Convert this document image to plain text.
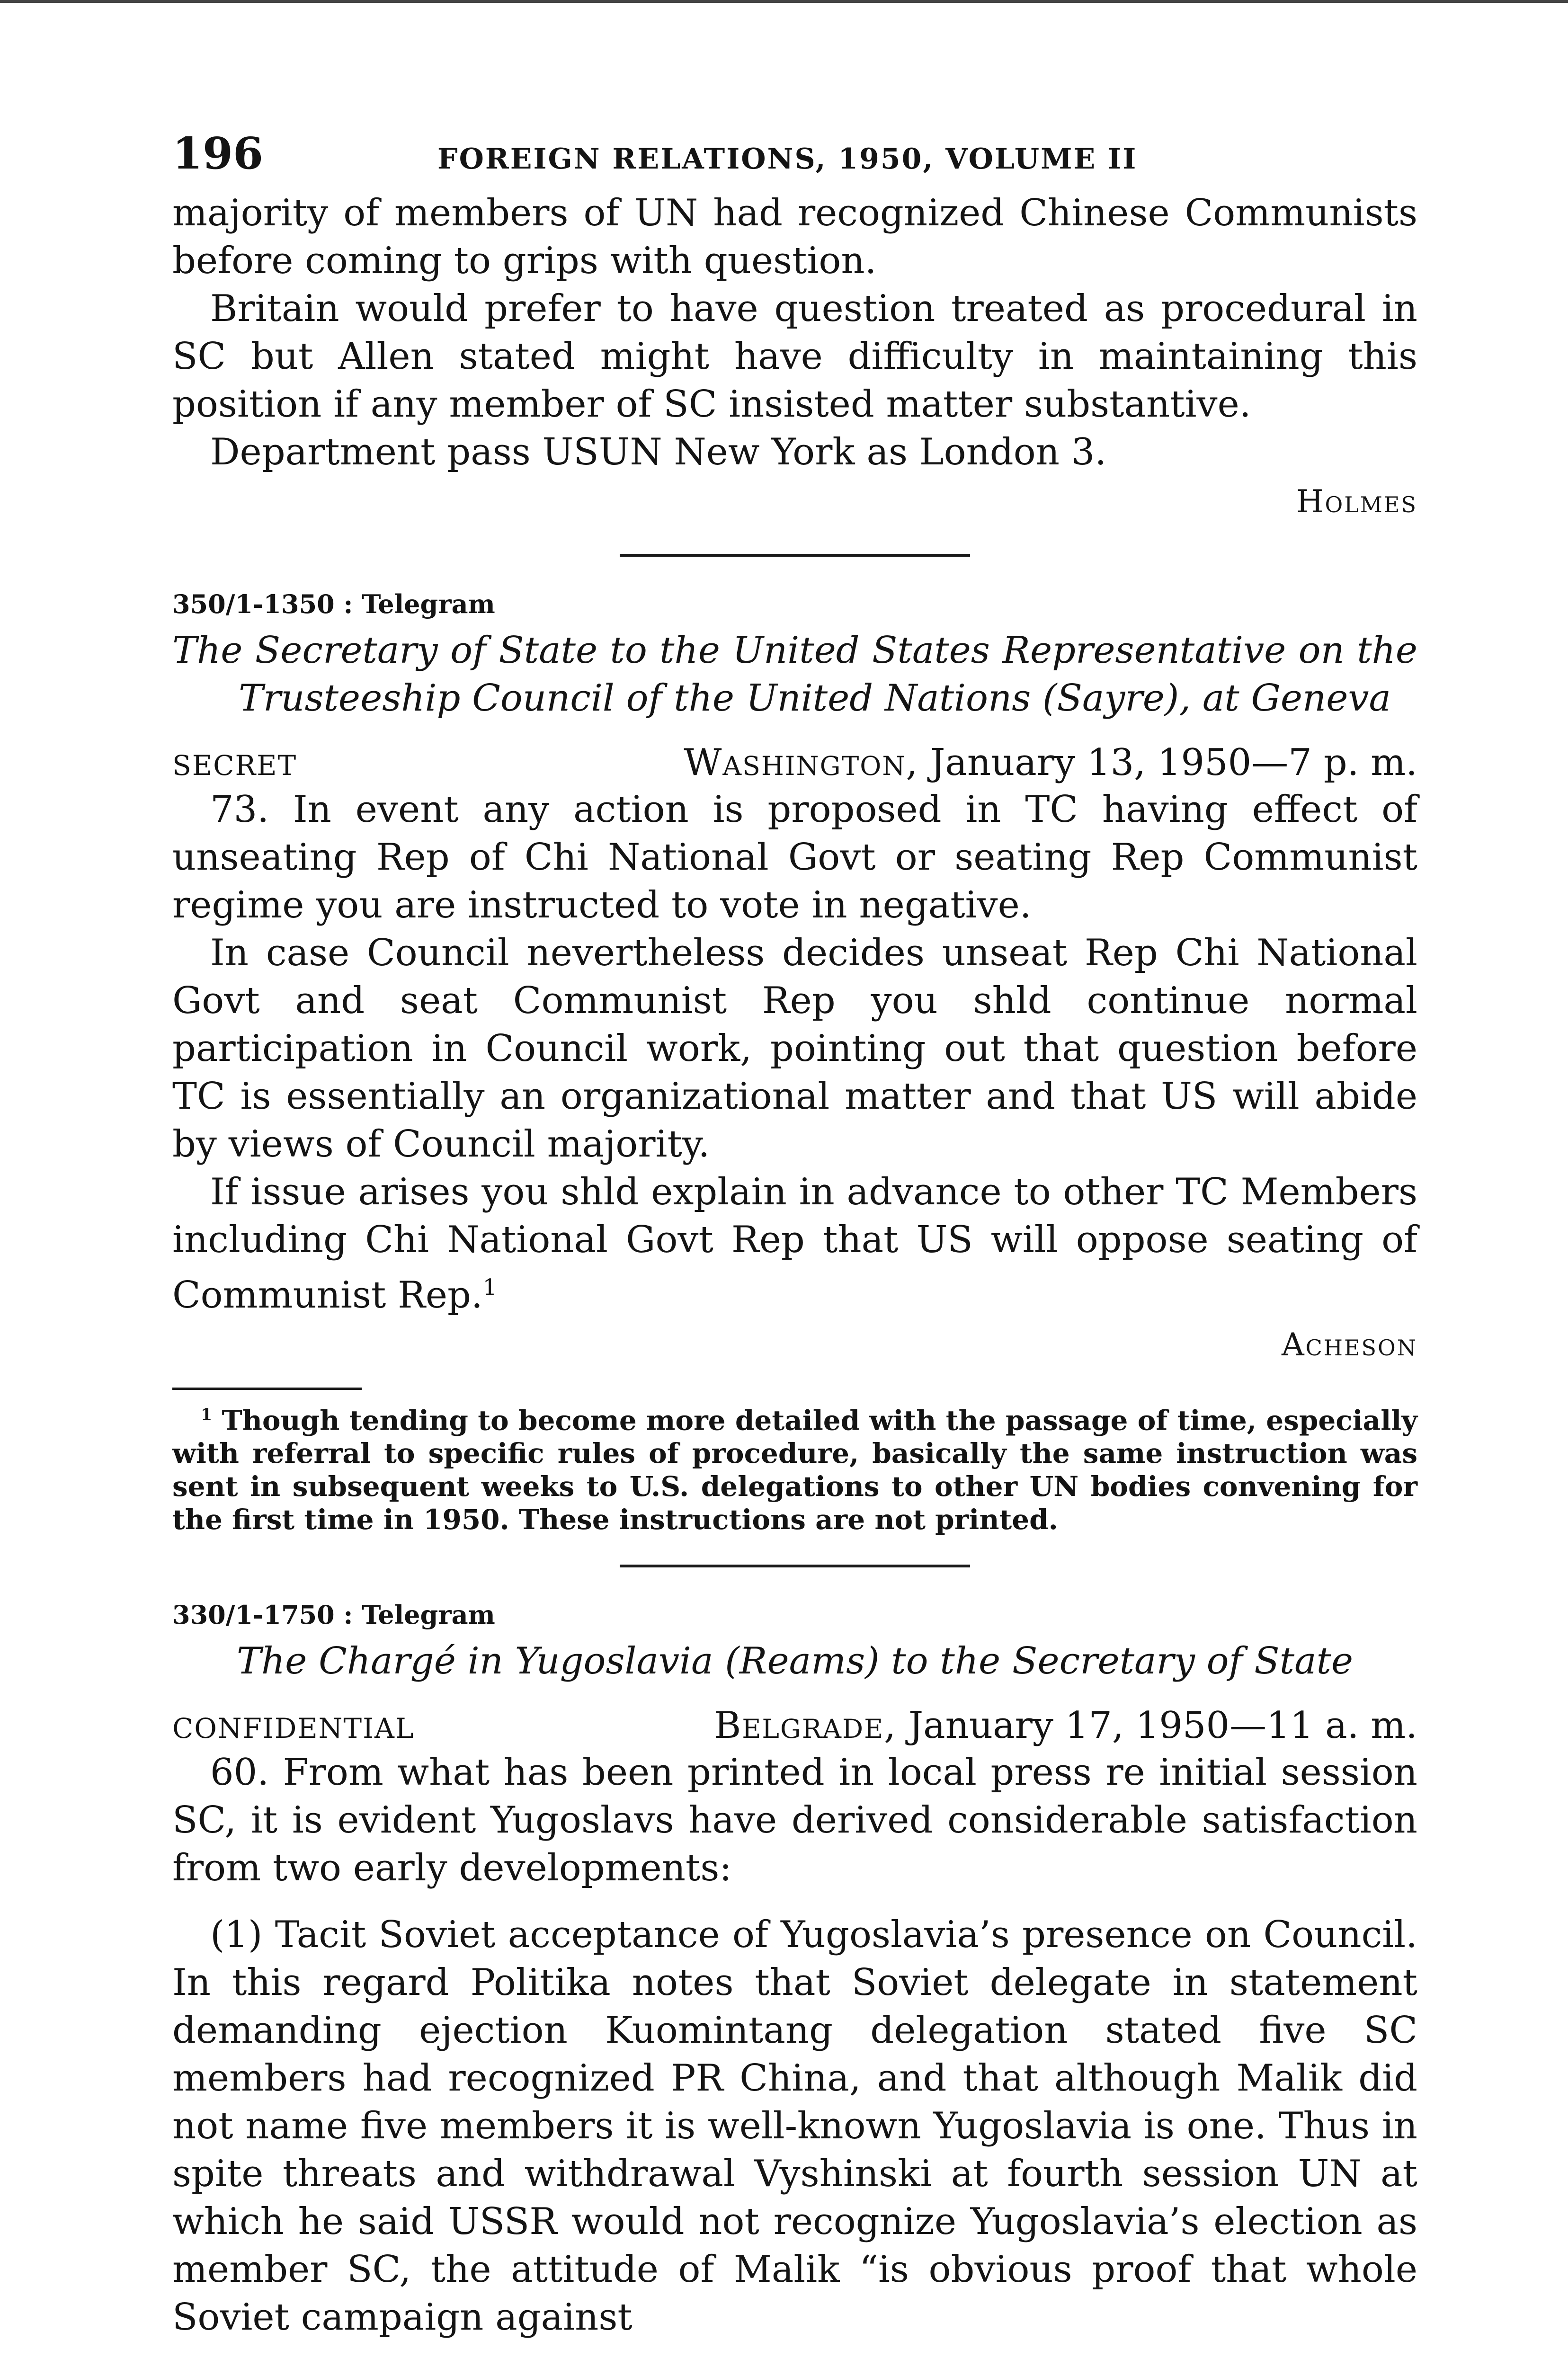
196	FOREIGN RELATIONS, 1950, VOLUME II

majority of members of UN had recognized Chinese Communists before coming to grips with question.

Britain would prefer to have question treated as procedural in SC but Allen stated might have difficulty in maintaining this position if any member of SC insisted matter substantive.

Department pass USUN New York as London 3.

Holmes
350/1-1350 : Telegram
The Secretary of State to the United States Representative on the Trusteeship Council of the United Nations (Sayre), at Geneva
SECRET	Washington, January 13, 1950—7 p. m.

73. In event any action is proposed in TC having effect of unseating Rep of Chi National Govt or seating Rep Communist regime you are instructed to vote in negative.

In case Council nevertheless decides unseat Rep Chi National Govt and seat Communist Rep you shld continue normal participation in Council work, pointing out that question before TC is essentially an organizational matter and that US will abide by views of Council majority.

If issue arises you shld explain in advance to other TC Members including Chi National Govt Rep that US will oppose seating of Communist Rep.$^1$

Acheson
$^1$ Though tending to become more detailed with the passage of time, especially with referral to specific rules of procedure, basically the same instruction was sent in subsequent weeks to U.S. delegations to other UN bodies convening for the first time in 1950. These instructions are not printed.
330/1-1750 : Telegram
The Chargé in Yugoslavia (Reams) to the Secretary of State
CONFIDENTIAL	Belgrade, January 17, 1950—11 a. m.

60. From what has been printed in local press re initial session SC, it is evident Yugoslavs have derived considerable satisfaction from two early developments:

(1) Tacit Soviet acceptance of Yugoslavia’s presence on Council. In this regard Politika notes that Soviet delegate in statement demanding ejection Kuomintang delegation stated five SC members had recognized PR China, and that although Malik did not name five members it is well-known Yugoslavia is one. Thus in spite threats and withdrawal Vyshinski at fourth session UN at which he said USSR would not recognize Yugoslavia’s election as member SC, the attitude of Malik “is obvious proof that whole Soviet campaign against
